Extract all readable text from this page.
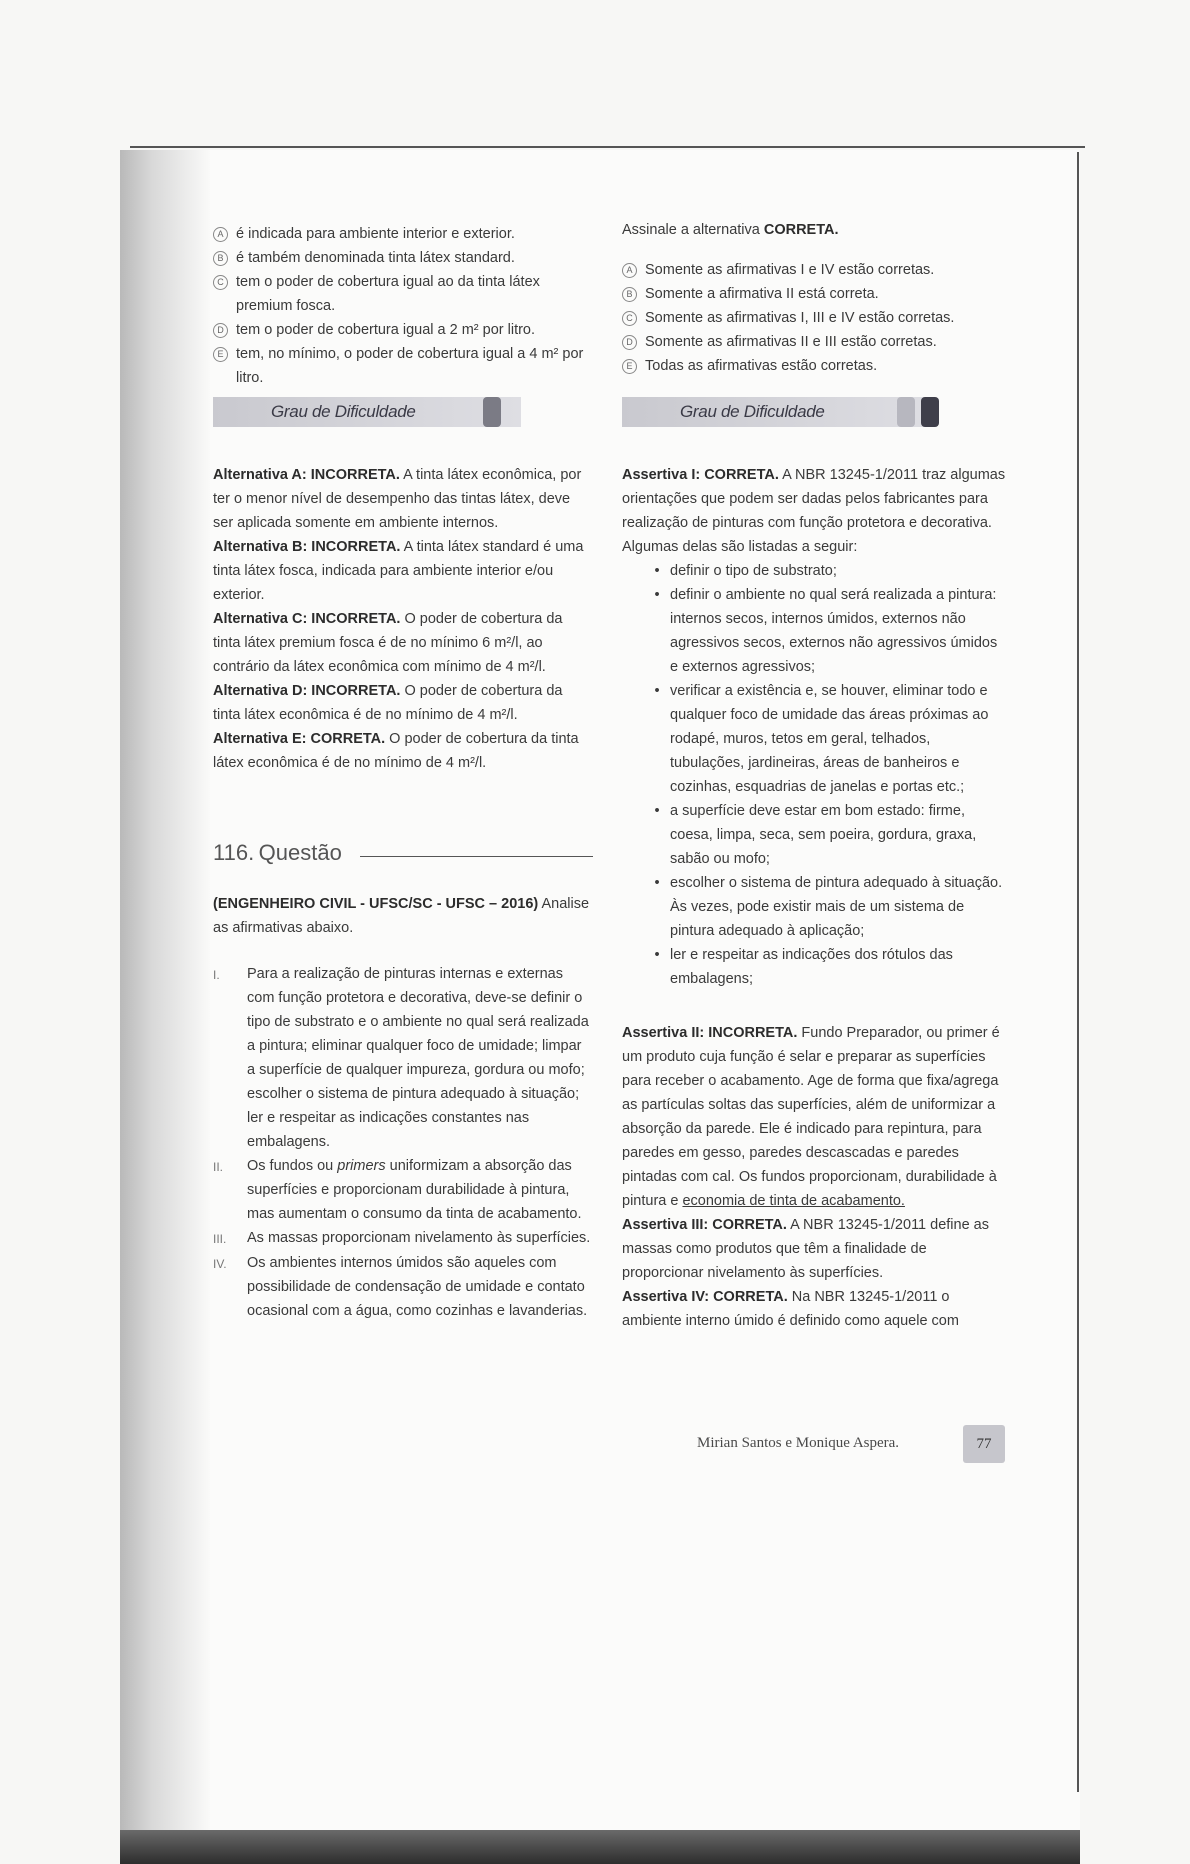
A é indicada para ambiente interior e exterior.
B é também denominada tinta látex standard.
C tem o poder de cobertura igual ao da tinta látex premium fosca.
D tem o poder de cobertura igual a 2 m² por litro.
E tem, no mínimo, o poder de cobertura igual a 4 m² por litro.

Assinale a alternativa CORRETA.

A Somente as afirmativas I e IV estão corretas.
B Somente a afirmativa II está correta.
C Somente as afirmativas I, III e IV estão corretas.
D Somente as afirmativas II e III estão corretas.
E Todas as afirmativas estão corretas.
Grau de Dificuldade	Grau de Dificuldade

Alternativa A: INCORRETA. A tinta látex econômica, por ter o menor nível de desempenho das tintas látex, deve ser aplicada somente em ambiente internos.

Alternativa B: INCORRETA. A tinta látex standard é uma tinta látex fosca, indicada para ambiente interior e/ou exterior.

Alternativa C: INCORRETA. O poder de cobertura da tinta látex premium fosca é de no mínimo 6 m²/l, ao contrário da látex econômica com mínimo de 4 m²/l.

Alternativa D: INCORRETA. O poder de cobertura da tinta látex econômica é de no mínimo de 4 m²/l.

Alternativa E: CORRETA. O poder de cobertura da tinta látex econômica é de no mínimo de 4 m²/l.

116. Questão

(ENGENHEIRO CIVIL - UFSC/SC - UFSC – 2016) Analise as afirmativas abaixo.

I.	Para a realização de pinturas internas e externas com função protetora e decorativa, deve-se definir o tipo de substrato e o ambiente no qual será realizada a pintura; eliminar qualquer foco de umidade; limpar a superfície de qualquer impureza, gordura ou mofo; escolher o sistema de pintura adequado à situação; ler e respeitar as indicações constantes nas embalagens.
II.	Os fundos ou primers uniformizam a absorção das superfícies e proporcionam durabilidade à pintura, mas aumentam o consumo da tinta de acabamento.
III.	As massas proporcionam nivelamento às superfícies.
IV.	Os ambientes internos úmidos são aqueles com possibilidade de condensação de umidade e contato ocasional com a água, como cozinhas e lavanderias.

Assertiva I: CORRETA. A NBR 13245-1/2011 traz algumas orientações que podem ser dadas pelos fabricantes para realização de pinturas com função protetora e decorativa. Algumas delas são listadas a seguir:

• definir o tipo de substrato;
• definir o ambiente no qual será realizada a pintura: internos secos, internos úmidos, externos não agressivos secos, externos não agressivos úmidos e externos agressivos;
• verificar a existência e, se houver, eliminar todo e qualquer foco de umidade das áreas próximas ao rodapé, muros, tetos em geral, telhados, tubulações, jardineiras, áreas de banheiros e cozinhas, esquadrias de janelas e portas etc.;
• a superfície deve estar em bom estado: firme, coesa, limpa, seca, sem poeira, gordura, graxa, sabão ou mofo;
• escolher o sistema de pintura adequado à situação. Às vezes, pode existir mais de um sistema de pintura adequado à aplicação;
• ler e respeitar as indicações dos rótulos das embalagens;

Assertiva II: INCORRETA. Fundo Preparador, ou primer é um produto cuja função é selar e preparar as superfícies para receber o acabamento. Age de forma que fixa/agrega as partículas soltas das superfícies, além de uniformizar a absorção da parede. Ele é indicado para repintura, para paredes em gesso, paredes descascadas e paredes pintadas com cal. Os fundos proporcionam, durabilidade à pintura e economia de tinta de acabamento.

Assertiva III: CORRETA. A NBR 13245-1/2011 define as massas como produtos que têm a finalidade de proporcionar nivelamento às superfícies.

Assertiva IV: CORRETA. Na NBR 13245-1/2011 o ambiente interno úmido é definido como aquele com

Mirian Santos e Monique Aspera.	77
